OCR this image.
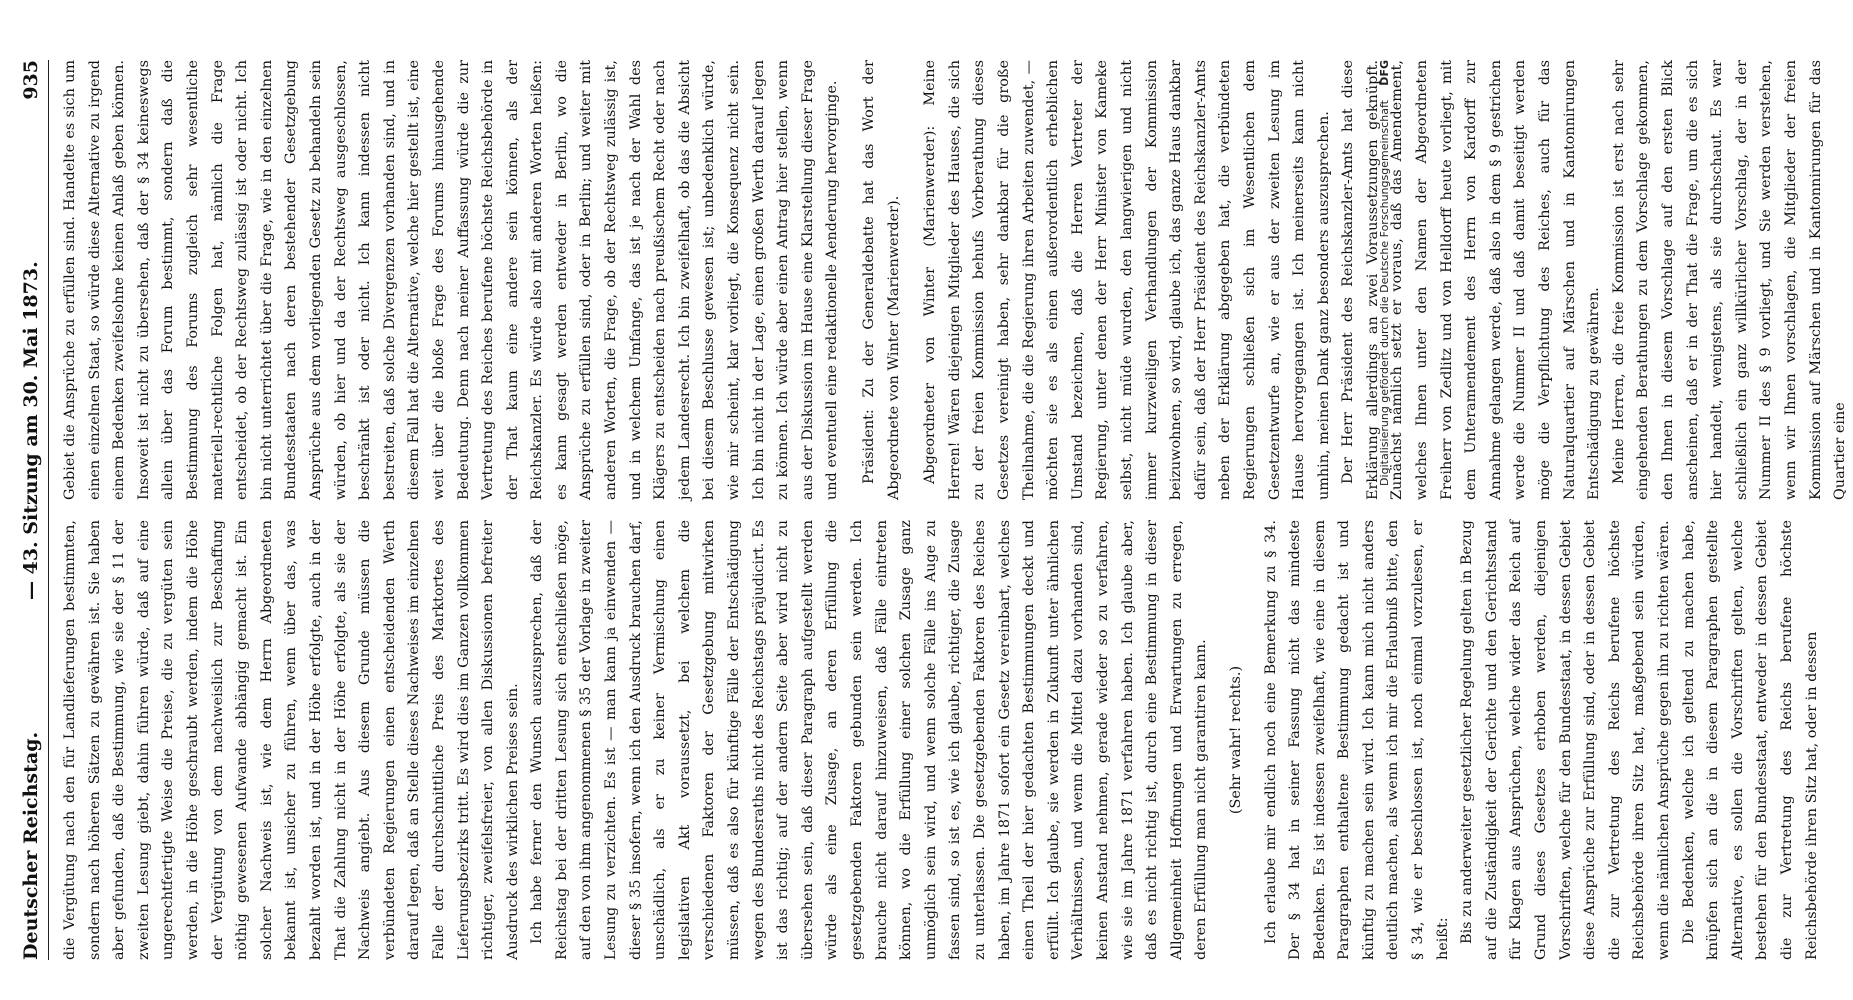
Deutscher Reichstag.
— 43. Sitzung am 30. Mai 1873.
935

die Vergütung nach den für Landlieferungen bestimmten, sondern nach höheren Sätzen zu gewähren ist. Sie haben aber gefunden, daß die Bestimmung, wie sie der § 11 der zweiten Lesung giebt, dahin führen würde, daß auf eine ungerechtfertigte Weise die Preise, die zu vergüten sein werden, in die Höhe geschraubt werden, indem die Höhe der Vergütung von dem nachweislich zur Beschaffung nöthig gewesenen Aufwande abhängig gemacht ist. Ein solcher Nachweis ist, wie dem Herrn Abgeordneten bekannt ist, unsicher zu führen, wenn über das, was bezahlt worden ist, und in der Höhe erfolgte, auch in der That die Zahlung nicht in der Höhe erfolgte, als sie der Nachweis angiebt. Aus diesem Grunde müssen die verbündeten Regierungen einen entscheidenden Werth darauf legen, daß an Stelle dieses Nachweises im einzelnen Falle der durchschnittliche Preis des Marktortes des Lieferungsbezirks tritt. Es wird dies im Ganzen vollkommen richtiger, zweifelsfreier, von allen Diskussionen befreiter Ausdruck des wirklichen Preises sein. Ich habe ferner den Wunsch auszusprechen, daß der Reichstag bei der dritten Lesung sich entschließen möge, auf den von ihm angenommenen § 35 der Vorlage in zweiter Lesung zu verzichten. Es ist — man kann ja einwenden — dieser § 35 insofern, wenn ich den Ausdruck brauchen darf, unschädlich, als er zu keiner Vermischung einen legislativen Akt voraussetzt, bei welchem die verschiedenen Faktoren der Gesetzgebung mitwirken müssen, daß es also für künftige Fälle der Entschädigung wegen des Bundesraths nicht des Reichstags präjudicirt. Es ist das richtig; auf der andern Seite aber wird nicht zu übersehen sein, daß dieser Paragraph aufgestellt werden würde als eine Zusage, an deren Erfüllung die gesetzgebenden Faktoren gebunden sein werden. Ich brauche nicht darauf hinzuweisen, daß Fälle eintreten können, wo die Erfüllung einer solchen Zusage ganz unmöglich sein wird, und wenn solche Fälle ins Auge zu fassen sind, so ist es, wie ich glaube, richtiger, die Zusage zu unterlassen. Die gesetzgebenden Faktoren des Reiches haben, im Jahre 1871 sofort ein Gesetz vereinbart, welches einen Theil der hier gedachten Bestimmungen deckt und erfüllt. Ich glaube, sie werden in Zukunft unter ähnlichen Verhältnissen, und wenn die Mittel dazu vorhanden sind, keinen Anstand nehmen, gerade wieder so zu verfahren, wie sie im Jahre 1871 verfahren haben. Ich glaube aber, daß es nicht richtig ist, durch eine Bestimmung in dieser Allgemeinheit Hoffnungen und Erwartungen zu erregen, deren Erfüllung man nicht garantiren kann.	(Sehr wahr! rechts.)	Ich erlaube mir endlich noch eine Bemerkung zu § 34. Der § 34 hat in seiner Fassung nicht das mindeste Bedenken. Es ist indessen zweifelhaft, wie eine in diesem Paragraphen enthaltene Bestimmung gedacht ist und künftig zu machen sein wird. Ich kann mich nicht anders deutlich machen, als wenn ich mir die Erlaubniß bitte, den § 34, wie er beschlossen ist, noch einmal vorzulesen, er heißt: Bis zu anderweiter gesetzlicher Regelung gelten in Bezug auf die Zuständigkeit der Gerichte und den Gerichtsstand für Klagen aus Ansprüchen, welche wider das Reich auf Grund dieses Gesetzes erhoben werden, diejenigen Vorschriften, welche für den Bundesstaat, in dessen Gebiet diese Ansprüche zur Erfüllung sind, oder in dessen Gebiet die zur Vertretung des Reichs berufene höchste Reichsbehörde ihren Sitz hat, maßgebend sein würden, wenn die nämlichen Ansprüche gegen ihn zu richten wären. Die Bedenken, welche ich geltend zu machen habe, knüpfen sich an die in diesem Paragraphen gestellte Alternative, es sollen die Vorschriften gelten, welche bestehen für den Bundesstaat, entweder in dessen Gebiet die zur Vertretung des Reichs berufene höchste Reichsbehörde ihren Sitz hat, oder in dessen

Gebiet die Ansprüche zu erfüllen sind. Handelte es sich um einen einzelnen Staat, so würde diese Alternative zu irgend einem Bedenken zweifelsohne keinen Anlaß geben können. Insoweit ist nicht zu übersehen, daß der § 34 keineswegs allein über das Forum bestimmt, sondern daß die Bestimmung des Forums zugleich sehr wesentliche materiell-rechtliche Folgen hat, nämlich die Frage entscheidet, ob der Rechtsweg zulässig ist oder nicht. Ich bin nicht unterrichtet über die Frage, wie in den einzelnen Bundesstaaten nach deren bestehender Gesetzgebung Ansprüche aus dem vorliegenden Gesetz zu behandeln sein würden, ob hier und da der Rechtsweg ausgeschlossen, beschränkt ist oder nicht. Ich kann indessen nicht bestreiten, daß solche Divergenzen vorhanden sind, und in diesem Fall hat die Alternative, welche hier gestellt ist, eine weit über die bloße Frage des Forums hinausgehende Bedeutung. Denn nach meiner Auffassung würde die zur Vertretung des Reiches berufene höchste Reichsbehörde in der That kaum eine andere sein können, als der Reichskanzler. Es würde also mit anderen Worten heißen: es kann gesagt werden entweder in Berlin, wo die Ansprüche zu erfüllen sind, oder in Berlin; und weiter mit anderen Worten, die Frage, ob der Rechtsweg zulässig ist, und in welchem Umfange, das ist je nach der Wahl des Klägers zu entscheiden nach preußischem Recht oder nach jedem Landesrecht. Ich bin zweifelhaft, ob das die Absicht bei diesem Beschlusse gewesen ist; unbedenklich würde, wie mir scheint, klar vorliegt, die Konsequenz nicht sein. Ich bin nicht in der Lage, einen großen Werth darauf legen zu können. Ich würde aber einen Antrag hier stellen, wenn aus der Diskussion im Hause eine Klarstellung dieser Frage und eventuell eine redaktionelle Aenderung hervorginge.	Präsident: Zu der Generaldebatte hat das Wort der Abgeordnete von Winter (Marienwerder).	Abgeordneter von Winter (Marienwerder): Meine Herren! Wären diejenigen Mitglieder des Hauses, die sich zu der freien Kommission behufs Vorberathung dieses Gesetzes vereinigt haben, sehr dankbar für die große Theilnahme, die die Regierung ihren Arbeiten zuwendet, — möchten sie es als einen außerordentlich erheblichen Umstand bezeichnen, daß die Herren Vertreter der Regierung, unter denen der Herr Minister von Kameke selbst, nicht müde wurden, den langwierigen und nicht immer kurzweiligen Verhandlungen der Kommission beizuwohnen, so wird, glaube ich, das ganze Haus dankbar dafür sein, daß der Herr Präsident des Reichskanzler-Amts neben der Erklärung abgegeben hat, die verbündeten Regierungen schließen sich im Wesentlichen dem Gesetzentwurfe an, wie er aus der zweiten Lesung im Hause hervorgegangen ist. Ich meinerseits kann nicht umhin, meinen Dank ganz besonders auszusprechen. Der Herr Präsident des Reichskanzler-Amts hat diese Erklärung allerdings an zwei Voraussetzungen geknüpft. Zunächst nämlich setzt er voraus, daß das Amendement, welches Ihnen unter den Namen der Abgeordneten Freiherr von Zedlitz und von Helldorff heute vorliegt, mit dem Unteramendement des Herrn von Kardorff zur Annahme gelangen werde, daß also in dem § 9 gestrichen werde die Nummer II und daß damit beseitigt werden möge die Verpflichtung des Reiches, auch für das Naturalquartier auf Märschen und in Kantonnirungen Entschädigung zu gewähren. Meine Herren, die freie Kommission ist erst nach sehr eingehenden Berathungen zu dem Vorschlage gekommen, den Ihnen in diesem Vorschlage auf den ersten Blick anscheinen, daß er in der That die Frage, um die es sich hier handelt, wenigstens, als sie durchschaut. Es war schließlich ein ganz willkürlicher Vorschlag, der in der Nummer II des § 9 vorliegt, und Sie werden verstehen, wenn wir Ihnen vorschlagen, die Mitglieder der freien Kommission auf Märschen und in Kantonnirungen für das Quartier eine

Digitalisierung gefördert durch die Deutsche Forschungsgemeinschaft
DFG
